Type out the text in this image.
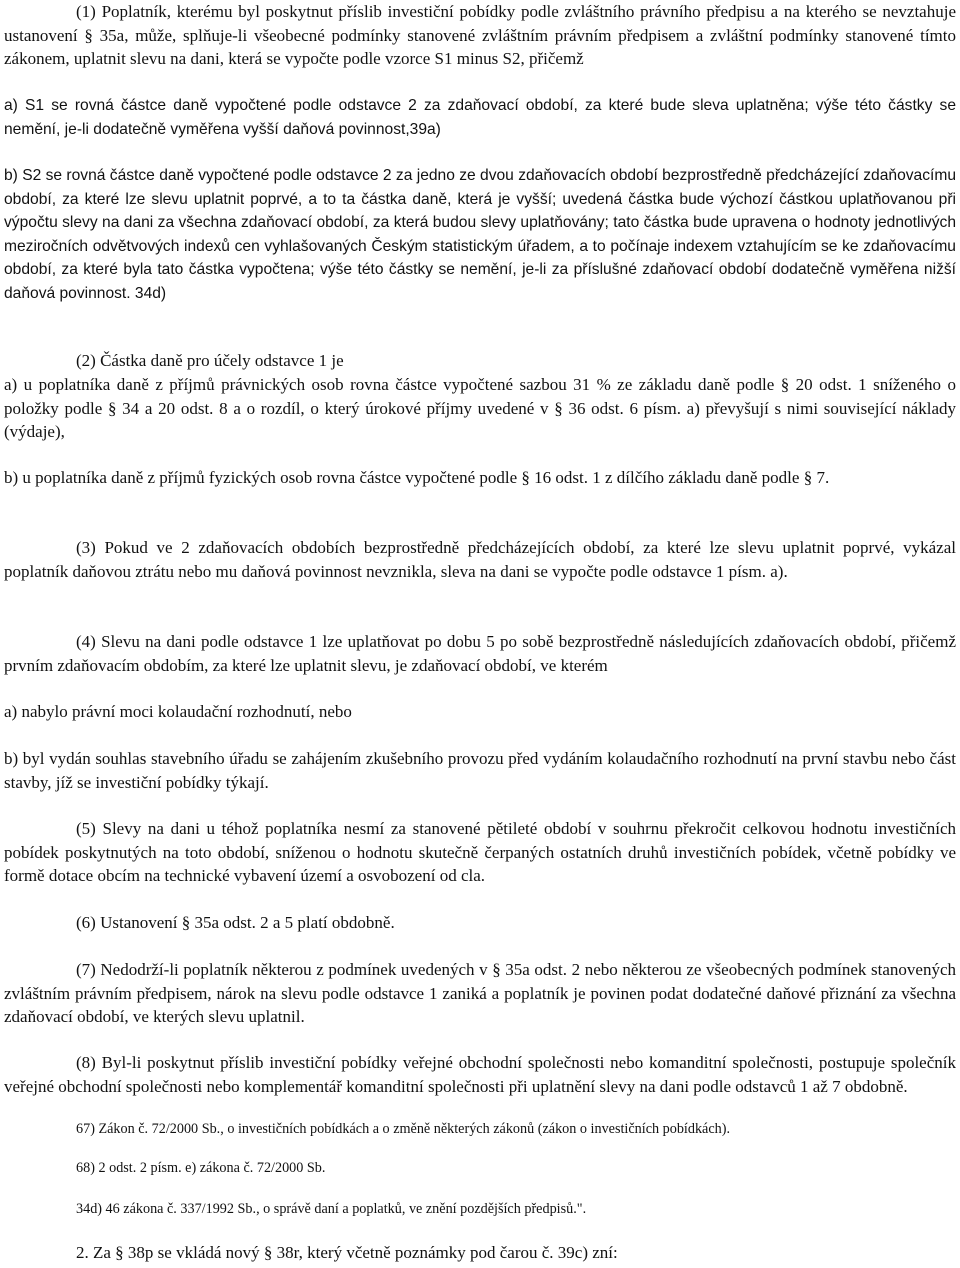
(1) Poplatník, kterému byl poskytnut příslib investiční pobídky podle zvláštního právního předpisu a na kterého se nevztahuje ustanovení § 35a, může, splňuje-li všeobecné podmínky stanovené zvláštním právním předpisem a zvláštní podmínky stanovené tímto zákonem, uplatnit slevu na dani, která se vypočte podle vzorce S1 minus S2, přičemž

a) S1 se rovná částce daně vypočtené podle odstavce 2 za zdaňovací období, za které bude sleva uplatněna; výše této částky se nemění, je-li dodatečně vyměřena vyšší daňová povinnost,39a)

b) S2 se rovná částce daně vypočtené podle odstavce 2 za jedno ze dvou zdaňovacích období bezprostředně předcházející zdaňovacímu období, za které lze slevu uplatnit poprvé, a to ta částka daně, která je vyšší; uvedená částka bude výchozí částkou uplatňovanou při výpočtu slevy na dani za všechna zdaňovací období, za která budou slevy uplatňovány; tato částka bude upravena o hodnoty jednotlivých meziročních odvětvových indexů cen vyhlašovaných Českým statistickým úřadem, a to počínaje indexem vztahujícím se ke zdaňovacímu období, za které byla tato částka vypočtena; výše této částky se nemění, je-li za příslušné zdaňovací období dodatečně vyměřena nižší daňová povinnost. 34d)

(2) Částka daně pro účely odstavce 1 je

a) u poplatníka daně z příjmů právnických osob rovna částce vypočtené sazbou 31 % ze základu daně podle § 20 odst. 1 sníženého o položky podle § 34 a 20 odst. 8 a o rozdíl, o který úrokové příjmy uvedené v § 36 odst. 6 písm. a) převyšují s nimi související náklady (výdaje),

b) u poplatníka daně z příjmů fyzických osob rovna částce vypočtené podle § 16 odst. 1 z dílčího základu daně podle § 7.

(3) Pokud ve 2 zdaňovacích obdobích bezprostředně předcházejících období, za které lze slevu uplatnit poprvé, vykázal poplatník daňovou ztrátu nebo mu daňová povinnost nevznikla, sleva na dani se vypočte podle odstavce 1 písm. a).

(4) Slevu na dani podle odstavce 1 lze uplatňovat po dobu 5 po sobě bezprostředně následujících zdaňovacích období, přičemž prvním zdaňovacím obdobím, za které lze uplatnit slevu, je zdaňovací období, ve kterém

a) nabylo právní moci kolaudační rozhodnutí, nebo

b) byl vydán souhlas stavebního úřadu se zahájením zkušebního provozu před vydáním kolaudačního rozhodnutí na první stavbu nebo část stavby, jíž se investiční pobídky týkají.

(5) Slevy na dani u téhož poplatníka nesmí za stanovené pětileté období v souhrnu překročit celkovou hodnotu investičních pobídek poskytnutých na toto období, sníženou o hodnotu skutečně čerpaných ostatních druhů investičních pobídek, včetně pobídky ve formě dotace obcím na technické vybavení území a osvobození od cla.

(6) Ustanovení § 35a odst. 2 a 5 platí obdobně.

(7) Nedodrží-li poplatník některou z podmínek uvedených v § 35a odst. 2 nebo některou ze všeobecných podmínek stanovených zvláštním právním předpisem, nárok na slevu podle odstavce 1 zaniká a poplatník je povinen podat dodatečné daňové přiznání za všechna zdaňovací období, ve kterých slevu uplatnil.

(8) Byl-li poskytnut příslib investiční pobídky veřejné obchodní společnosti nebo komanditní společnosti, postupuje společník veřejné obchodní společnosti nebo komplementář komanditní společnosti při uplatnění slevy na dani podle odstavců 1 až 7 obdobně.

67) Zákon č. 72/2000 Sb., o investičních pobídkách a o změně některých zákonů (zákon o investičních pobídkách).

68) 2 odst. 2 písm. e) zákona č. 72/2000 Sb.

34d) 46 zákona č. 337/1992 Sb., o správě daní a poplatků, ve znění pozdějších předpisů.".

2. Za § 38p se vkládá nový § 38r, který včetně poznámky pod čarou č. 39c) zní:
